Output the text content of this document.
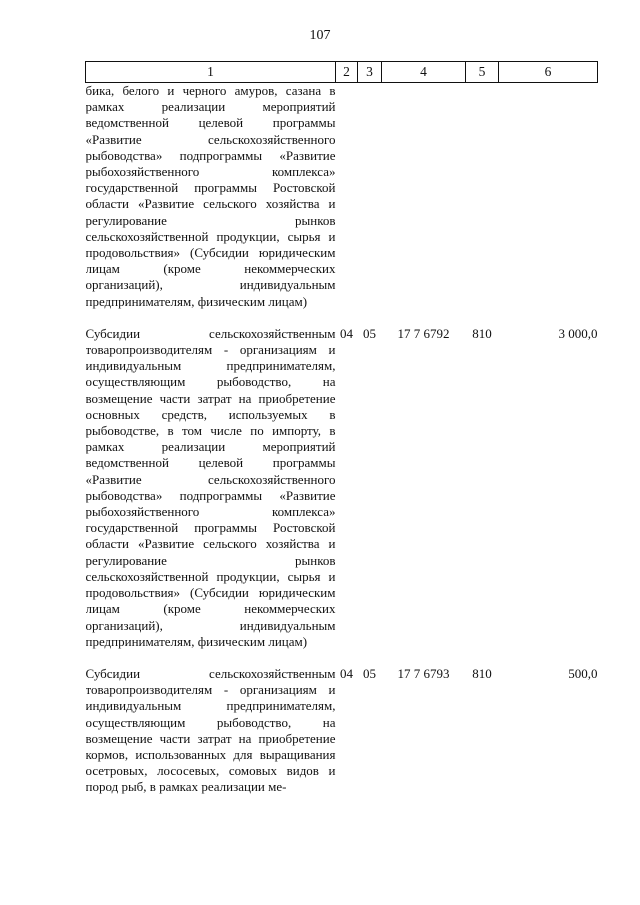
107
1	2	3	4	5	6

бика, белого и черного амуров, сазана в рамках реализации мероприятий ведомственной целевой программы «Развитие сельскохозяйственного рыбоводства» подпрограммы «Развитие рыбохозяйственного комплекса» государственной программы Ростовской области «Развитие сельского хозяйства и регулирование рынков сельскохозяйственной продукции, сырья и продовольствия» (Субсидии юридическим лицам (кроме некоммерческих организаций), индивидуальным предпринимателям, физическим лицам)					

Субсидии сельскохозяйственным товаропроизводителям - организациям и индивидуальным предпринимателям, осуществляющим рыбоводство, на возмещение части затрат на приобретение основных средств, используемых в рыбоводстве, в том числе по импорту, в рамках реализации мероприятий ведомственной целевой программы «Развитие сельскохозяйственного рыбоводства» подпрограммы «Развитие рыбохозяйственного комплекса» государственной программы Ростовской области «Развитие сельского хозяйства и регулирование рынков сельскохозяйственной продукции, сырья и продовольствия» (Субсидии юридическим лицам (кроме некоммерческих организаций), индивидуальным предпринимателям, физическим лицам)	04	05	17 7 6792	810	3 000,0

Субсидии сельскохозяйственным товаропроизводителям - организациям и индивидуальным предпринимателям, осуществляющим рыбоводство, на возмещение части затрат на приобретение кормов, использованных для выращивания осетровых, лососевых, сомовых видов и пород рыб, в рамках реализации ме-	04	05	17 7 6793	810	500,0
